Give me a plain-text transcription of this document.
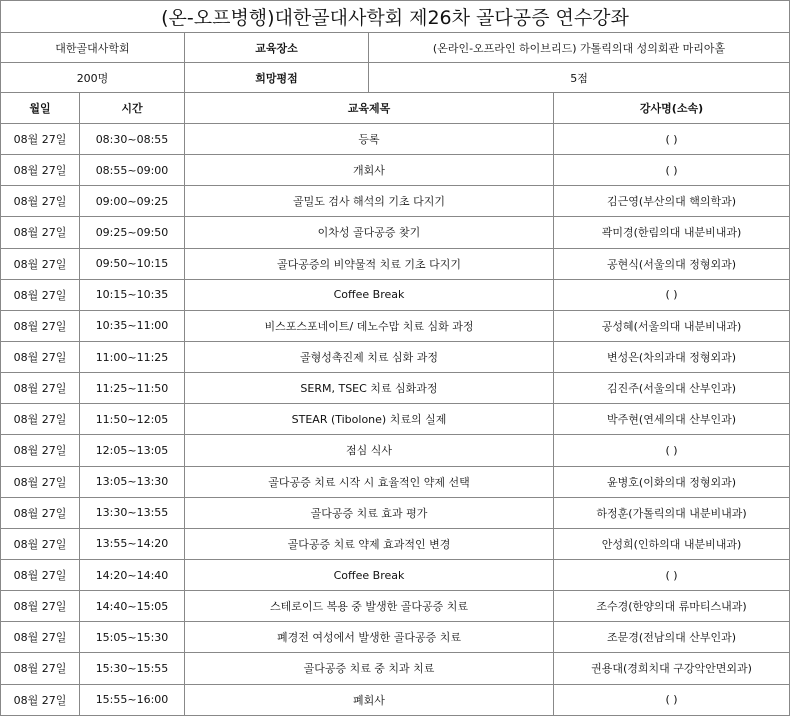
(온-오프병행)대한골대사학회 제26차 골다공증 연수강좌				
대한골대사학회		교육장소	(온라인-오프라인 하이브리드) 가톨릭의대 성의회관 마리아홀	
200명		희망평점	5점	
월일	시간	교육제목		강사명(소속)
08월 27일	08:30~08:55	등록		( )
08월 27일	08:55~09:00	개회사		( )
08월 27일	09:00~09:25	골밀도 검사 해석의 기초 다지기		김근영(부산의대 핵의학과)
08월 27일	09:25~09:50	이차성 골다공증 찾기		곽미경(한림의대 내분비내과)
08월 27일	09:50~10:15	골다공증의 비약물적 치료 기초 다지기		공현식(서울의대 정형외과)
08월 27일	10:15~10:35	Coffee Break		( )
08월 27일	10:35~11:00	비스포스포네이트/ 데노수맙 치료 심화 과정		공성혜(서울의대 내분비내과)
08월 27일	11:00~11:25	골형성촉진제 치료 심화 과정		변성은(차의과대 정형외과)
08월 27일	11:25~11:50	SERM, TSEC 치료 심화과정		김진주(서울의대 산부인과)
08월 27일	11:50~12:05	STEAR (Tibolone) 치료의 실제		박주현(연세의대 산부인과)
08월 27일	12:05~13:05	점심 식사		( )
08월 27일	13:05~13:30	골다공증 치료 시작 시 효율적인 약제 선택		윤병호(이화의대 정형외과)
08월 27일	13:30~13:55	골다공증 치료 효과 평가		하정훈(가톨릭의대 내분비내과)
08월 27일	13:55~14:20	골다공증 치료 약제 효과적인 변경		안성희(인하의대 내분비내과)
08월 27일	14:20~14:40	Coffee Break		( )
08월 27일	14:40~15:05	스테로이드 복용 중 발생한 골다공증 치료		조수경(한양의대 류마티스내과)
08월 27일	15:05~15:30	폐경전 여성에서 발생한 골다공증 치료		조문경(전남의대 산부인과)
08월 27일	15:30~15:55	골다공증 치료 중 치과 치료		권용대(경희치대 구강악안면외과)
08월 27일	15:55~16:00	폐회사		( )
